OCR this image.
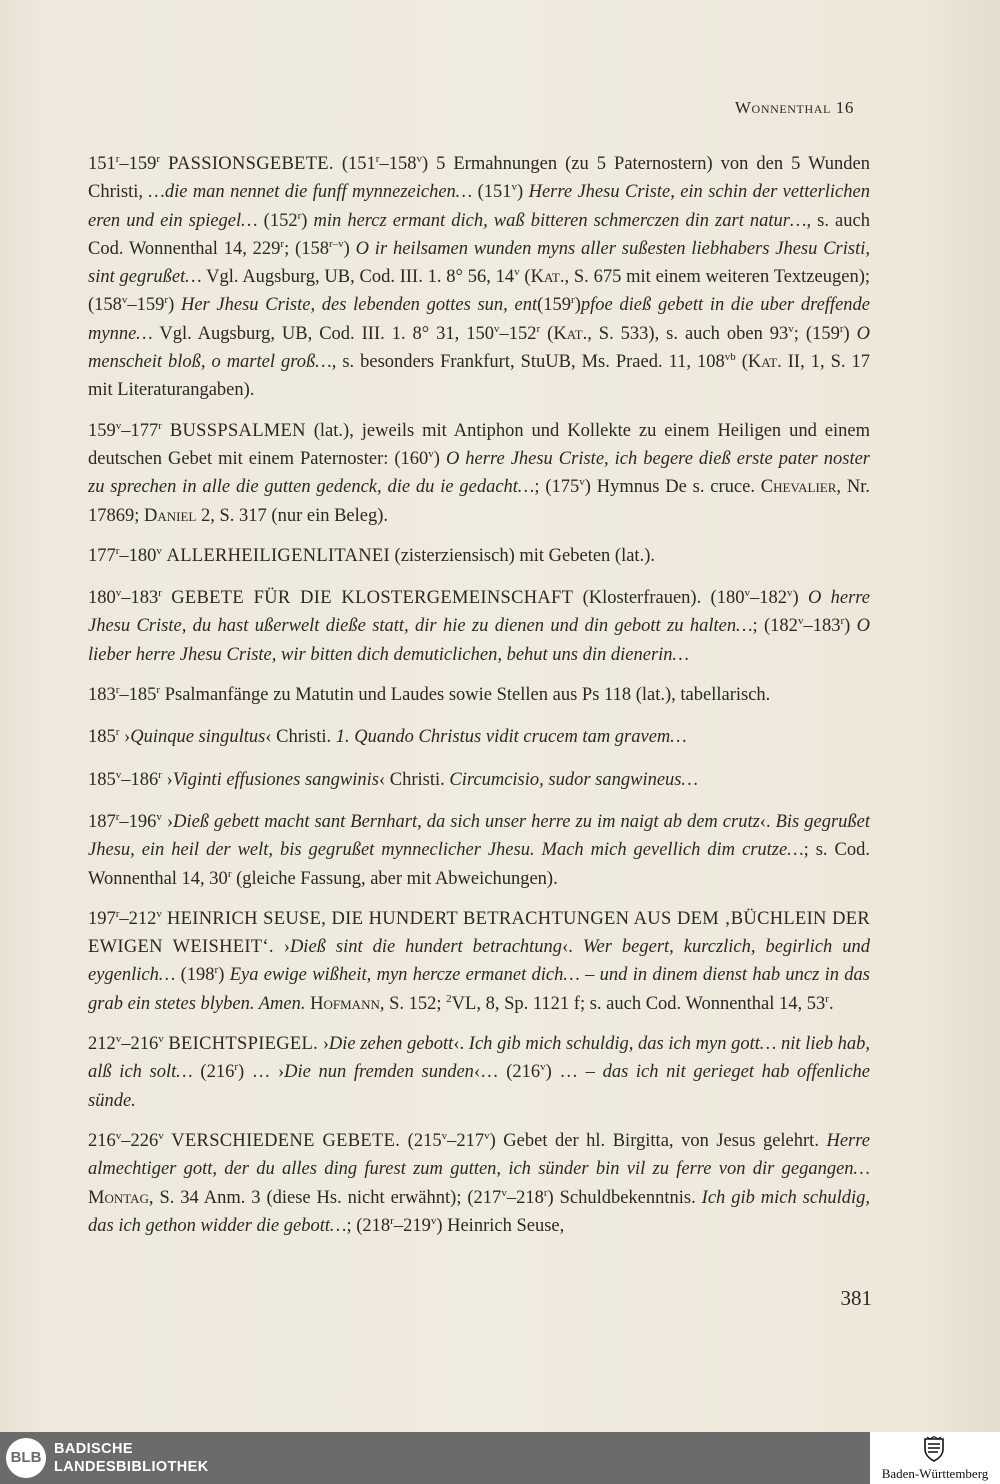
Wonnenthal 16

151$^r$–159$^r$ PASSIONSGEBETE. (151$^r$–158$^v$) 5 Ermahnungen (zu 5 Paternostern) von den 5 Wunden Christi, …die man nennet die funff mynnezeichen… (151$^v$) Herre Jhesu Criste, ein schin der vetterlichen eren und ein spiegel… (152$^r$) min hercz ermant dich, waß bitteren schmerczen din zart natur…, s. auch Cod. Wonnenthal 14, 229$^r$; (158$^{r-v}$) O ir heilsamen wunden myns aller sußesten liebhabers Jhesu Cristi, sint gegrußet… Vgl. Augsburg, UB, Cod. III. 1. 8° 56, 14$^v$ (Kat., S. 675 mit einem weiteren Textzeugen); (158$^v$–159$^r$) Her Jhesu Criste, des lebenden gottes sun, ent(159$^r$)pfoe dieß gebett in die uber dreffende mynne… Vgl. Augsburg, UB, Cod. III. 1. 8° 31, 150$^v$–152$^r$ (Kat., S. 533), s. auch oben 93$^v$; (159$^r$) O menscheit bloß, o martel groß…, s. besonders Frankfurt, StuUB, Ms. Praed. 11, $108^{vb}$ (Kat. II, 1, S. 17 mit Literaturangaben).

159$^v$–177$^r$ BUSSPSALMEN (lat.), jeweils mit Antiphon und Kollekte zu einem Heiligen und einem deutschen Gebet mit einem Paternoster: (160$^v$) O herre Jhesu Criste, ich begere dieß erste pater noster zu sprechen in alle die gutten gedenck, die du ie gedacht…; (175$^v$) Hymnus De s. cruce. Chevalier, Nr. 17869; Daniel 2, S. 317 (nur ein Beleg).

177$^r$–180$^v$ ALLERHEILIGENLITANEI (zisterziensisch) mit Gebeten (lat.).

180$^v$–183$^r$ GEBETE FÜR DIE KLOSTERGEMEINSCHAFT (Klosterfrauen). (180$^v$–182$^v$) O herre Jhesu Criste, du hast ußerwelt dieße statt, dir hie zu dienen und din gebott zu halten…; (182$^v$–183$^r$) O lieber herre Jhesu Criste, wir bitten dich demuticlichen, behut uns din dienerin…

183$^r$–185$^r$ Psalmanfänge zu Matutin und Laudes sowie Stellen aus Ps 118 (lat.), tabellarisch.

185$^r$ ›Quinque singultus‹ Christi. 1. Quando Christus vidit crucem tam gravem…

185$^v$–186$^r$ ›Viginti effusiones sangwinis‹ Christi. Circumcisio, sudor sangwineus…

187$^r$–196$^v$ ›Dieß gebett macht sant Bernhart, da sich unser herre zu im naigt ab dem crutz‹. Bis gegrußet Jhesu, ein heil der welt, bis gegrußet mynneclicher Jhesu. Mach mich gevellich dim crutze…; s. Cod. Wonnenthal 14, 30$^r$ (gleiche Fassung, aber mit Abweichungen).

197$^r$–212$^v$ HEINRICH SEUSE, DIE HUNDERT BETRACHTUNGEN AUS DEM ‚BÜCHLEIN DER EWIGEN WEISHEIT‘. ›Dieß sint die hundert betrachtung‹. Wer begert, kurczlich, begirlich und eygenlich… (198$^r$) Eya ewige wißheit, myn hercze ermanet dich… – und in dinem dienst hab uncz in das grab ein stetes blyben. Amen. Hofmann, S. 152; $^2$VL, 8, Sp. 1121 f; s. auch Cod. Wonnenthal 14, 53$^r$.

212$^v$–216$^v$ BEICHTSPIEGEL. ›Die zehen gebott‹. Ich gib mich schuldig, das ich myn gott… nit lieb hab, alß ich solt… (216$^r$) … ›Die nun fremden sunden‹… (216$^v$) … – das ich nit gerieget hab offenliche sünde.

216$^v$–226$^v$ VERSCHIEDENE GEBETE. (215$^v$–217$^v$) Gebet der hl. Birgitta, von Jesus gelehrt. Herre almechtiger gott, der du alles ding furest zum gutten, ich sünder bin vil zu ferre von dir gegangen… Montag, S. 34 Anm. 3 (diese Hs. nicht erwähnt); (217$^v$–218$^r$) Schuldbekenntnis. Ich gib mich schuldig, das ich gethon widder die gebott…; (218$^r$–219$^v$) Heinrich Seuse,

381
BLB BADISCHE
LANDESBIBLIOTHEK	Baden-Württemberg
